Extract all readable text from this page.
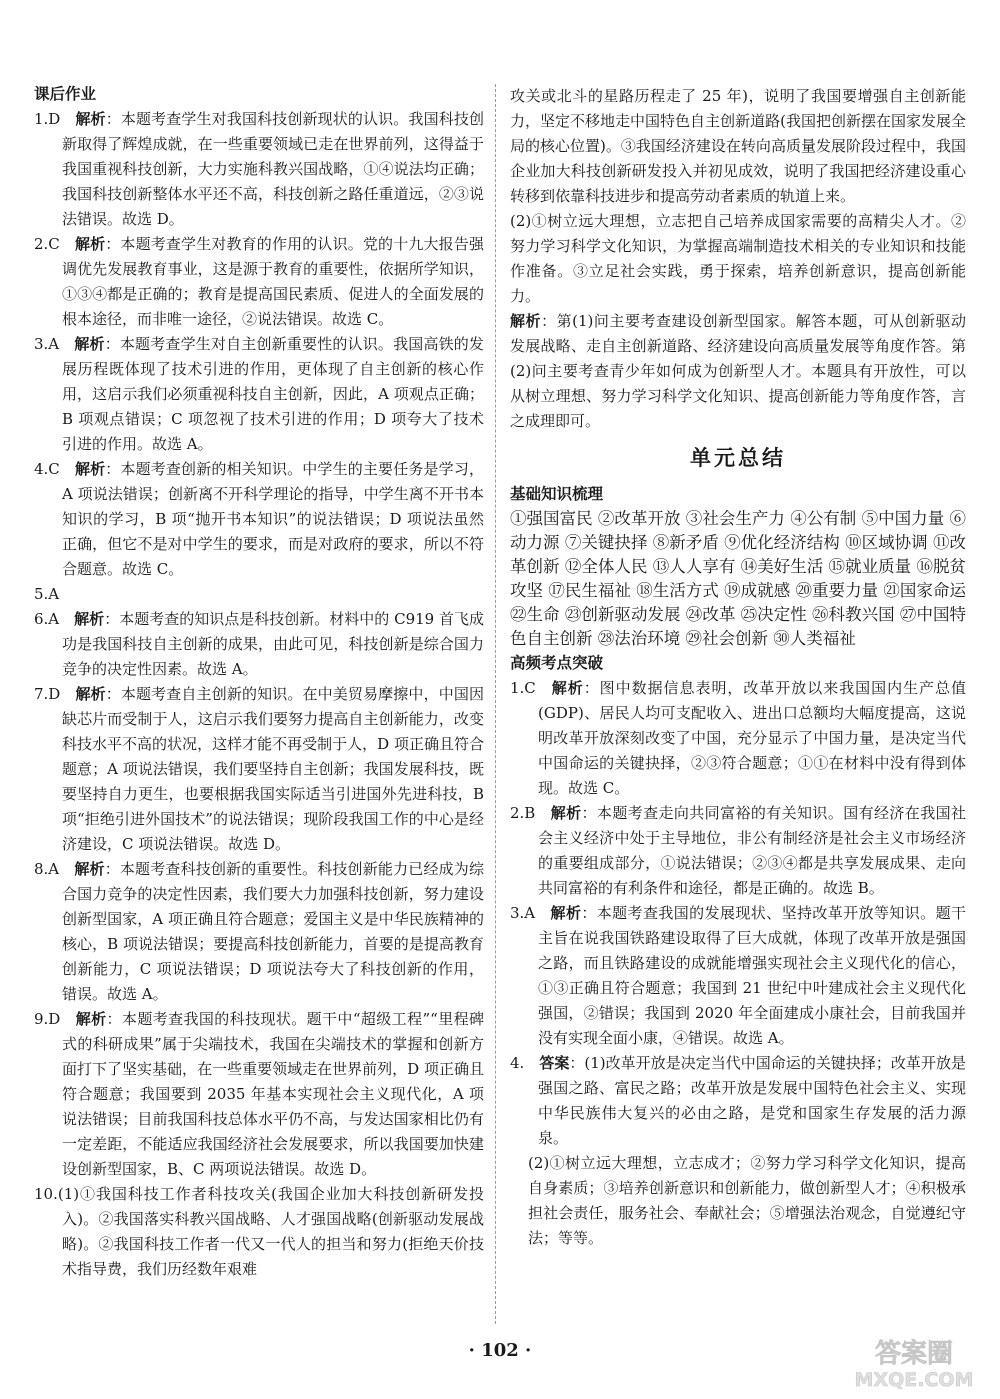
课后作业

1.D  解析：本题考查学生对我国科技创新现状的认识。我国科技创新取得了辉煌成就，在一些重要领域已走在世界前列，这得益于我国重视科技创新，大力实施科教兴国战略，①④说法均正确；我国科技创新整体水平还不高，科技创新之路任重道远，②③说法错误。故选 D。

2.C  解析：本题考查学生对教育的作用的认识。党的十九大报告强调优先发展教育事业，这是源于教育的重要性，依据所学知识，①③④都是正确的；教育是提高国民素质、促进人的全面发展的根本途径，而非唯一途径，②说法错误。故选 C。

3.A  解析：本题考查学生对自主创新重要性的认识。我国高铁的发展历程既体现了技术引进的作用，更体现了自主创新的核心作用，这启示我们必须重视科技自主创新，因此，A 项观点正确；B 项观点错误；C 项忽视了技术引进的作用；D 项夸大了技术引进的作用。故选 A。

4.C  解析：本题考查创新的相关知识。中学生的主要任务是学习，A 项说法错误；创新离不开科学理论的指导，中学生离不开书本知识的学习，B 项“抛开书本知识”的说法错误；D 项说法虽然正确，但它不是对中学生的要求，而是对政府的要求，所以不符合题意。故选 C。

5.A

6.A  解析：本题考查的知识点是科技创新。材料中的 C919 首飞成功是我国科技自主创新的成果，由此可见，科技创新是综合国力竞争的决定性因素。故选 A。

7.D  解析：本题考查自主创新的知识。在中美贸易摩擦中，中国因缺芯片而受制于人，这启示我们要努力提高自主创新能力，改变科技水平不高的状况，这样才能不再受制于人，D 项正确且符合题意；A 项说法错误，我们要坚持自主创新；我国发展科技，既要坚持自力更生，也要根据我国实际适当引进国外先进科技，B 项“拒绝引进外国技术”的说法错误；现阶段我国工作的中心是经济建设，C 项说法错误。故选 D。

8.A  解析：本题考查科技创新的重要性。科技创新能力已经成为综合国力竞争的决定性因素，我们要大力加强科技创新，努力建设创新型国家，A 项正确且符合题意；爱国主义是中华民族精神的核心，B 项说法错误；要提高科技创新能力，首要的是提高教育创新能力，C 项说法错误；D 项说法夸大了科技创新的作用，错误。故选 A。

9.D  解析：本题考查我国的科技现状。题干中“超级工程”“里程碑式的科研成果”属于尖端技术，我国在尖端技术的掌握和创新方面打下了坚实基础，在一些重要领域走在世界前列，D 项正确且符合题意；我国要到 2035 年基本实现社会主义现代化，A 项说法错误；目前我国科技总体水平仍不高，与发达国家相比仍有一定差距，不能适应我国经济社会发展要求，所以我国要加快建设创新型国家，B、C 两项说法错误。故选 D。

10.(1)①我国科技工作者科技攻关(我国企业加大科技创新研发投入)。②我国落实科教兴国战略、人才强国战略(创新驱动发展战略)。②我国科技工作者一代又一代人的担当和努力(拒绝天价技术指导费，我们历经数年艰难

攻关或北斗的星路历程走了 25 年)，说明了我国要增强自主创新能力，坚定不移地走中国特色自主创新道路(我国把创新摆在国家发展全局的核心位置)。③我国经济建设在转向高质量发展阶段过程中，我国企业加大科技创新研发投入并初见成效，说明了我国把经济建设重心转移到依靠科技进步和提高劳动者素质的轨道上来。

(2)①树立远大理想，立志把自己培养成国家需要的高精尖人才。②努力学习科学文化知识，为掌握高端制造技术相关的专业知识和技能作准备。③立足社会实践，勇于探索，培养创新意识，提高创新能力。

解析：第(1)问主要考查建设创新型国家。解答本题，可从创新驱动发展战略、走自主创新道路、经济建设向高质量发展等角度作答。第(2)问主要考查青少年如何成为创新型人才。本题具有开放性，可以从树立理想、努力学习科学文化知识、提高创新能力等角度作答，言之成理即可。

单元总结
基础知识梳理

①强国富民 ②改革开放 ③社会生产力 ④公有制 ⑤中国力量 ⑥动力源 ⑦关键抉择 ⑧新矛盾 ⑨优化经济结构 ⑩区域协调 ⑪改革创新 ⑫全体人民 ⑬人人享有 ⑭美好生活 ⑮就业质量 ⑯脱贫攻坚 ⑰民生福祉 ⑱生活方式 ⑲成就感 ⑳重要力量 ㉑国家命运 ㉒生命 ㉓创新驱动发展 ㉔改革 ㉕决定性 ㉖科教兴国 ㉗中国特色自主创新 ㉘法治环境 ㉙社会创新 ㉚人类福祉

高频考点突破

1.C  解析：图中数据信息表明，改革开放以来我国国内生产总值(GDP)、居民人均可支配收入、进出口总额均大幅度提高，这说明改革开放深刻改变了中国，充分显示了中国力量，是决定当代中国命运的关键抉择，②③符合题意；①①在材料中没有得到体现。故选 C。

2.B  解析：本题考查走向共同富裕的有关知识。国有经济在我国社会主义经济中处于主导地位，非公有制经济是社会主义市场经济的重要组成部分，①说法错误；②③④都是共享发展成果、走向共同富裕的有利条件和途径，都是正确的。故选 B。

3.A  解析：本题考查我国的发展现状、坚持改革开放等知识。题干主旨在说我国铁路建设取得了巨大成就，体现了改革开放是强国之路，而且铁路建设的成就能增强实现社会主义现代化的信心，①③正确且符合题意；我国到 21 世纪中叶建成社会主义现代化强国，②错误；我国到 2020 年全面建成小康社会，目前我国并没有实现全面小康，④错误。故选 A。

4.  答案：(1)改革开放是决定当代中国命运的关键抉择；改革开放是强国之路、富民之路；改革开放是发展中国特色社会主义、实现中华民族伟大复兴的必由之路，是党和国家生存发展的活力源泉。

(2)①树立远大理想，立志成才；②努力学习科学文化知识，提高自身素质；③培养创新意识和创新能力，做创新型人才；④积极承担社会责任，服务社会、奉献社会；⑤增强法治观念，自觉遵纪守法；等等。

· 102 ·	答案圈
MXQE.COM
